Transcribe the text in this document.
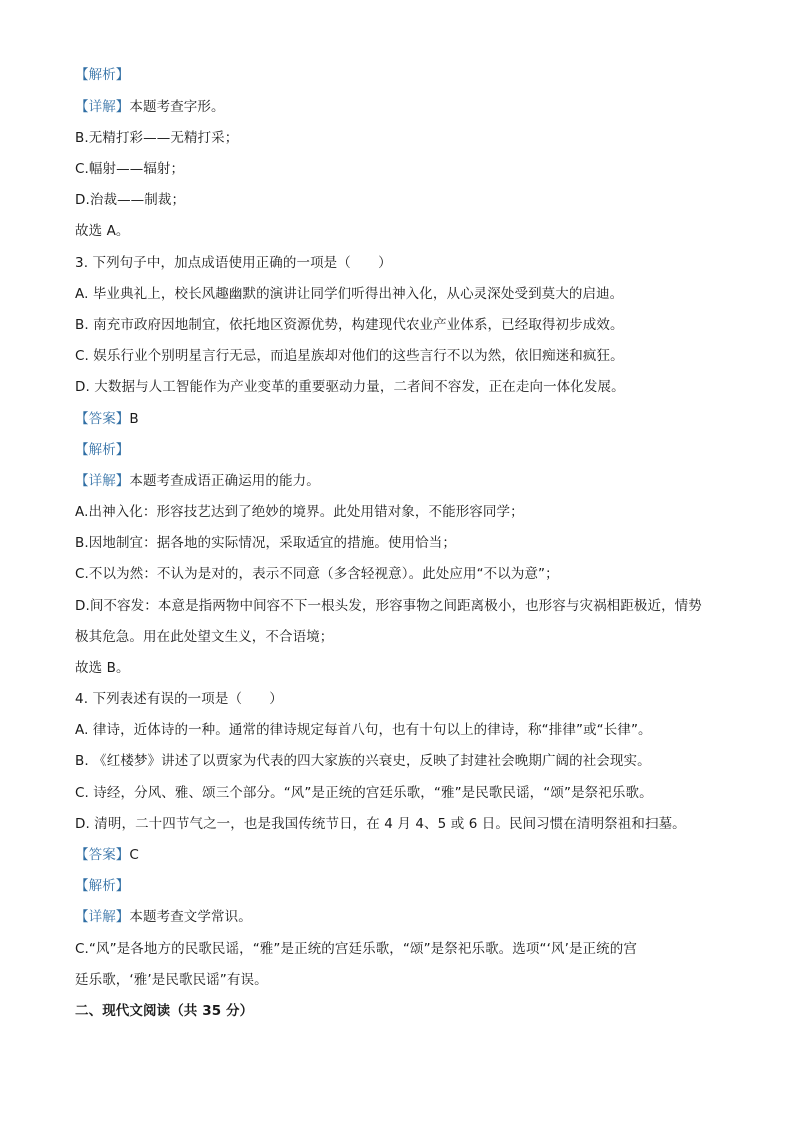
【解析】
【详解】本题考查字形。
B.无精打彩——无精打采；
C.幅射——辐射；
D.治裁——制裁；
故选 A。
3. 下列句子中，加点成语使用正确的一项是（　　）
A. 毕业典礼上，校长风趣幽默的演讲让同学们听得出神入化，从心灵深处受到莫大的启迪。
B. 南充市政府因地制宜，依托地区资源优势，构建现代农业产业体系，已经取得初步成效。
C. 娱乐行业个别明星言行无忌，而追星族却对他们的这些言行不以为然，依旧痴迷和疯狂。
D. 大数据与人工智能作为产业变革的重要驱动力量，二者间不容发，正在走向一体化发展。
【答案】B
【解析】
【详解】本题考查成语正确运用的能力。
A.出神入化：形容技艺达到了绝妙的境界。此处用错对象，不能形容同学；
B.因地制宜：据各地的实际情况，采取适宜的措施。使用恰当；
C.不以为然：不认为是对的，表示不同意（多含轻视意）。此处应用“不以为意”；
D.间不容发：本意是指两物中间容不下一根头发，形容事物之间距离极小，也形容与灾祸相距极近，情势
极其危急。用在此处望文生义，不合语境；
故选 B。
4. 下列表述有误的一项是（　　）
A. 律诗，近体诗的一种。通常的律诗规定每首八句，也有十句以上的律诗，称“排律”或“长律”。
B. 《红楼梦》讲述了以贾家为代表的四大家族的兴衰史，反映了封建社会晚期广阔的社会现实。
C. 诗经，分风、雅、颂三个部分。“风”是正统的宫廷乐歌，“雅”是民歌民谣，“颂”是祭祀乐歌。
D. 清明，二十四节气之一，也是我国传统节日，在 4 月 4、5 或 6 日。民间习惯在清明祭祖和扫墓。
【答案】C
【解析】
【详解】本题考查文学常识。
C.“风”是各地方的民歌民谣，“雅”是正统的宫廷乐歌，“颂”是祭祀乐歌。选项“‘风’是正统的宫
廷乐歌，‘雅’是民歌民谣”有误。
二、现代文阅读（共 35 分）
